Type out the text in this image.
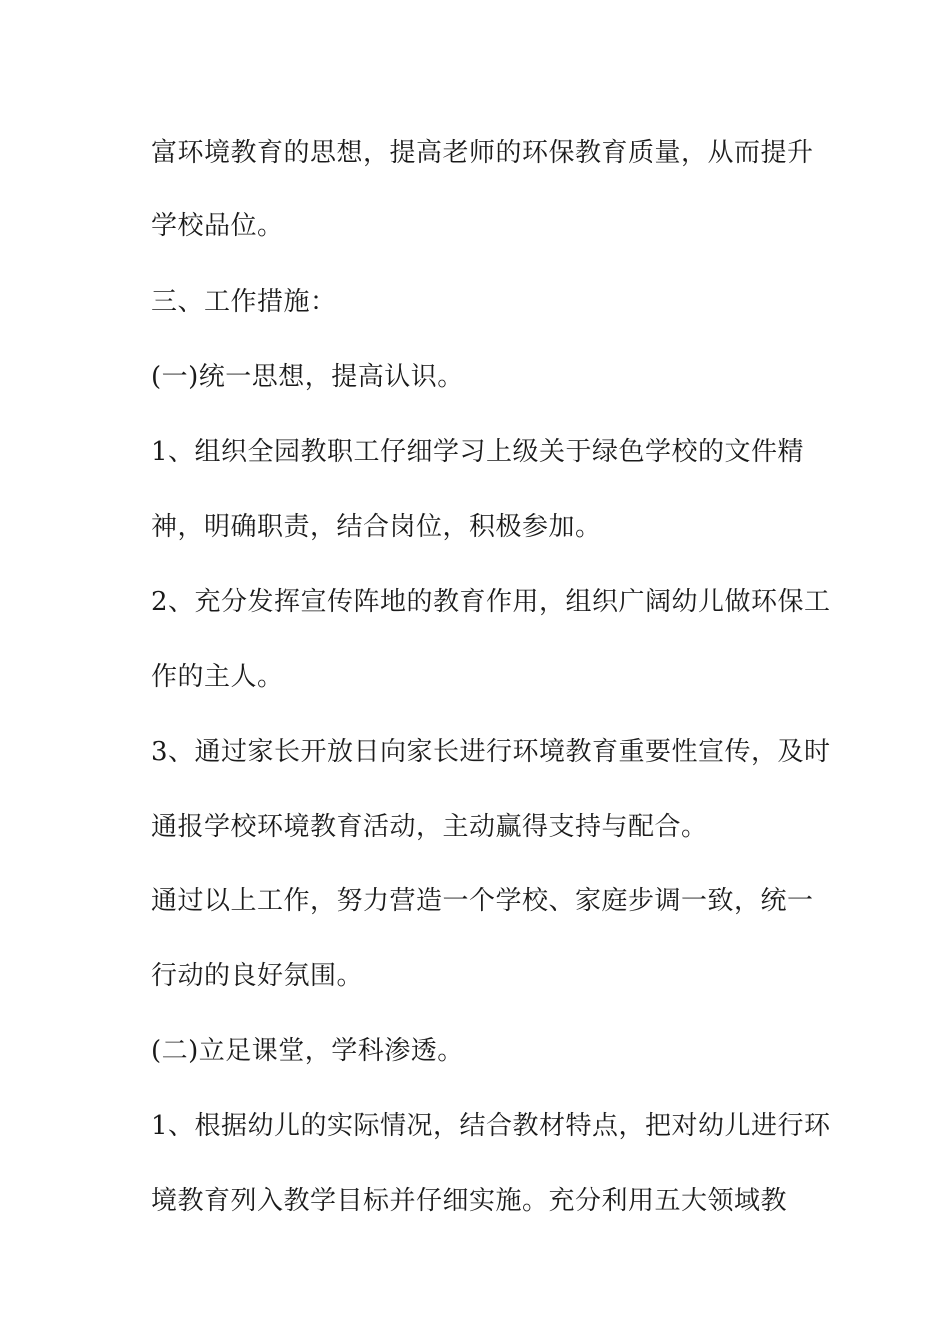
富环境教育的思想，提高老师的环保教育质量，从而提升
学校品位。
三、工作措施：
(一)统一思想，提高认识。
1、组织全园教职工仔细学习上级关于绿色学校的文件精
神，明确职责，结合岗位，积极参加。
2、充分发挥宣传阵地的教育作用，组织广阔幼儿做环保工
作的主人。
3、通过家长开放日向家长进行环境教育重要性宣传，及时
通报学校环境教育活动，主动赢得支持与配合。
通过以上工作，努力营造一个学校、家庭步调一致，统一
行动的良好氛围。
(二)立足课堂，学科渗透。
1、根据幼儿的实际情况，结合教材特点，把对幼儿进行环
境教育列入教学目标并仔细实施。充分利用五大领域教
